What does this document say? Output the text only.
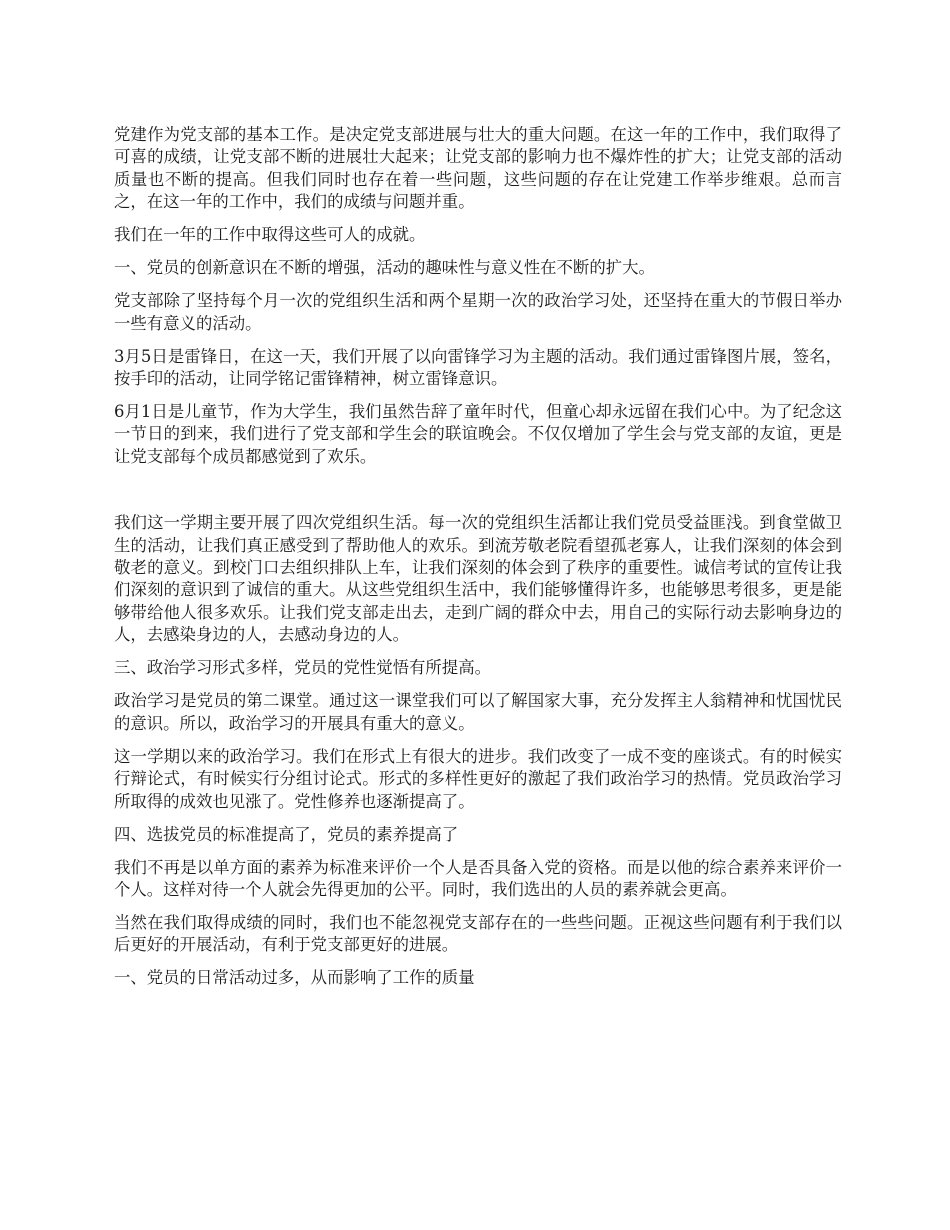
党建作为党支部的基本工作。是决定党支部进展与壮大的重大问题。在这一年的工作中，我们取得了可喜的成绩，让党支部不断的进展壮大起来；让党支部的影响力也不爆炸性的扩大；让党支部的活动质量也不断的提高。但我们同时也存在着一些问题，这些问题的存在让党建工作举步维艰。总而言之，在这一年的工作中，我们的成绩与问题并重。

我们在一年的工作中取得这些可人的成就。

一、党员的创新意识在不断的增强，活动的趣味性与意义性在不断的扩大。

党支部除了坚持每个月一次的党组织生活和两个星期一次的政治学习处，还坚持在重大的节假日举办一些有意义的活动。

3月5日是雷锋日，在这一天，我们开展了以向雷锋学习为主题的活动。我们通过雷锋图片展，签名，按手印的活动，让同学铭记雷锋精神，树立雷锋意识。

6月1日是儿童节，作为大学生，我们虽然告辞了童年时代，但童心却永远留在我们心中。为了纪念这一节日的到来，我们进行了党支部和学生会的联谊晚会。不仅仅增加了学生会与党支部的友谊，更是让党支部每个成员都感觉到了欢乐。

我们这一学期主要开展了四次党组织生活。每一次的党组织生活都让我们党员受益匪浅。到食堂做卫生的活动，让我们真正感受到了帮助他人的欢乐。到流芳敬老院看望孤老寡人，让我们深刻的体会到敬老的意义。到校门口去组织排队上车，让我们深刻的体会到了秩序的重要性。诚信考试的宣传让我们深刻的意识到了诚信的重大。从这些党组织生活中，我们能够懂得许多，也能够思考很多，更是能够带给他人很多欢乐。让我们党支部走出去，走到广阔的群众中去，用自己的实际行动去影响身边的人，去感染身边的人，去感动身边的人。

三、政治学习形式多样，党员的党性觉悟有所提高。

政治学习是党员的第二课堂。通过这一课堂我们可以了解国家大事，充分发挥主人翁精神和忧国忧民的意识。所以，政治学习的开展具有重大的意义。

这一学期以来的政治学习。我们在形式上有很大的进步。我们改变了一成不变的座谈式。有的时候实行辩论式，有时候实行分组讨论式。形式的多样性更好的激起了我们政治学习的热情。党员政治学习所取得的成效也见涨了。党性修养也逐渐提高了。

四、选拔党员的标准提高了，党员的素养提高了

我们不再是以单方面的素养为标准来评价一个人是否具备入党的资格。而是以他的综合素养来评价一个人。这样对待一个人就会先得更加的公平。同时，我们选出的人员的素养就会更高。

当然在我们取得成绩的同时，我们也不能忽视党支部存在的一些些问题。正视这些问题有利于我们以后更好的开展活动，有利于党支部更好的进展。

一、党员的日常活动过多，从而影响了工作的质量
